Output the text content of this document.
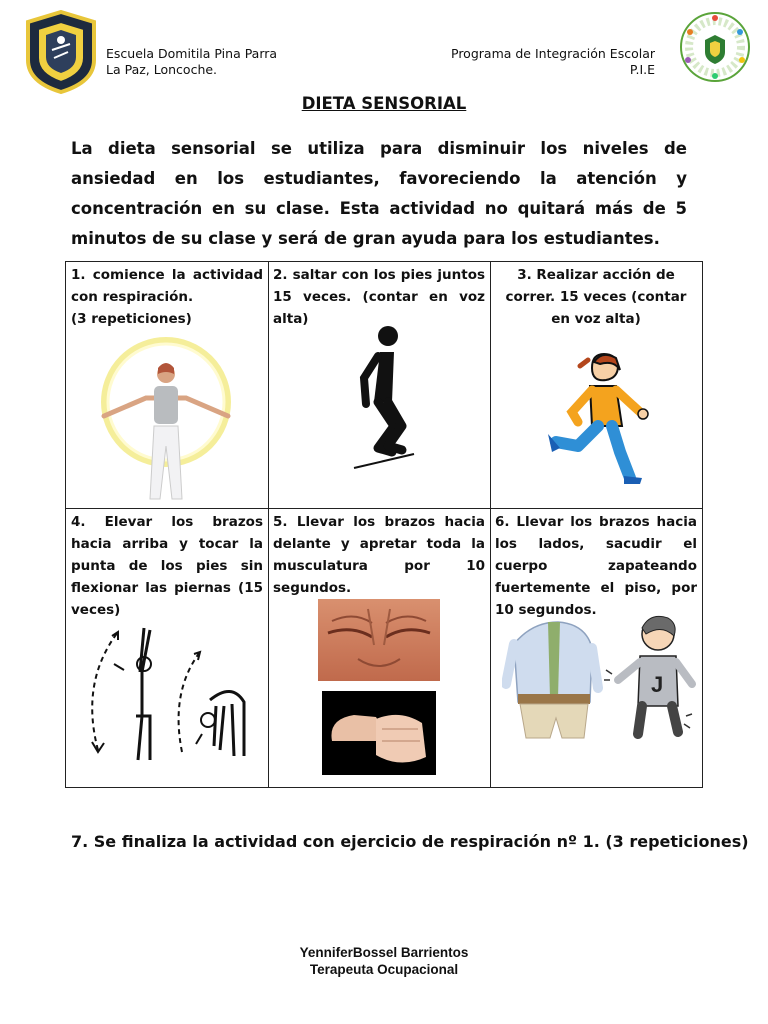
Escuela Domitila Pina Parra
La Paz, Loncoche.
Programa de Integración Escolar
P.I.E
DIETA SENSORIAL

La dieta sensorial se utiliza para disminuir los niveles de ansiedad en los estudiantes, favoreciendo la atención y concentración en su clase. Esta actividad no quitará más de 5 minutos de su clase y será de gran ayuda para los estudiantes.

1. comience la actividad con respiración.
(3 repeticiones)

2. saltar con los pies juntos 15 veces. (contar en voz alta)

3. Realizar acción de correr. 15 veces (contar en voz alta)

4. Elevar los brazos hacia arriba y tocar la punta de los pies sin flexionar las piernas (15 veces)

5. Llevar los brazos hacia delante y apretar toda la musculatura por 10 segundos.

6. Llevar los brazos hacia los lados, sacudir el cuerpo zapateando fuertemente el piso, por 10 segundos.

J
7. Se finaliza la actividad con ejercicio de respiración nº 1. (3 repeticiones)
YenniferBossel Barrientos
Terapeuta Ocupacional
